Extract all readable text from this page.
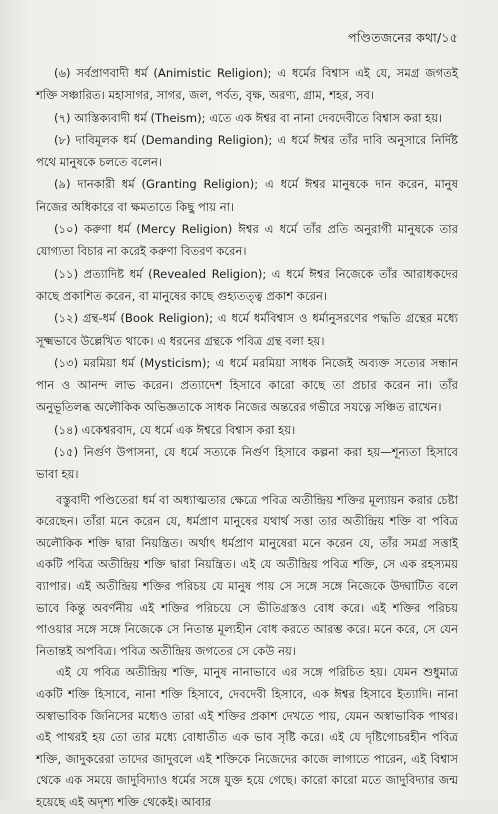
পণ্ডিতজনের কথা/১৫

(৬) সর্বপ্রাণবাদী ধর্ম (Animistic Religion); এ ধর্মের বিশ্বাস এই যে, সমগ্র জগতই শক্তি সঞ্চারিত। মহাসাগর, সাগর, জল, পর্বত, বৃক্ষ, অরণ্য, গ্রাম, শহর, সব।

(৭) আস্তিক্যবাদী ধর্ম (Theism); এতে এক ঈশ্বর বা নানা দেবদেবীতে বিশ্বাস করা হয়।

(৮) দাবিমূলক ধর্ম (Demanding Religion); এ ধর্মে ঈশ্বর তাঁর দাবি অনুসারে নির্দিষ্ট পথে মানুষকে চলতে বলেন।

(৯) দানকারী ধর্ম (Granting Religion); এ ধর্মে ঈশ্বর মানুষকে দান করেন, মানুষ নিজের অধিকারে বা ক্ষমতাতে কিছু পায় না।

(১০) করুণা ধর্ম (Mercy Religion) ঈশ্বর এ ধর্মে তাঁর প্রতি অনুরাগী মানুষকে তার যোগ্যতা বিচার না করেই করুণা বিতরণ করেন।

(১১) প্রত্যাদিষ্ট ধর্ম (Revealed Religion); এ ধর্মে ঈশ্বর নিজেকে তাঁর আরাধকদের কাছে প্রকাশিত করেন, বা মানুষের কাছে গুহ্যতত্ত্ব প্রকাশ করেন।

(১২) গ্রন্থ-ধর্ম (Book Religion); এ ধর্মে ধর্মবিশ্বাস ও ধর্মানুসরণের পদ্ধতি গ্রন্থের মধ্যে সূক্ষ্মভাবে উল্লেখিত থাকে। এ ধরনের গ্রন্থকে পবিত্র গ্রন্থ বলা হয়।

(১৩) মরমিয়া ধর্ম (Mysticism); এ ধর্মে মরমিয়া সাধক নিজেই অব্যক্ত সত্যের সন্ধান পান ও আনন্দ লাভ করেন। প্রত্যাদেশ হিসাবে কারো কাছে তা প্রচার করেন না। তাঁর অনুভূতিলব্ধ অলৌকিক অভিজ্ঞতাকে সাধক নিজের অন্তরের গভীরে সযত্নে সঞ্চিত রাখেন।

(১৪) একেশ্বরবাদ, যে ধর্মে এক ঈশ্বরে বিশ্বাস করা হয়।

(১৫) নির্গুণ উপাসনা, যে ধর্মে সত্যকে নির্গুণ হিসাবে কল্পনা করা হয়—শূন্যতা হিসাবে ভাবা হয়।

বস্তুবাদী পণ্ডিতেরা ধর্ম বা অধ্যাত্মতার ক্ষেত্রে পবিত্র অতীন্দ্রিয় শক্তির মূল্যায়ন করার চেষ্টা করেছেন। তাঁরা মনে করেন যে, ধর্মপ্রাণ মানুষের যথার্থ সত্তা তার অতীন্দ্রিয় শক্তি বা পবিত্র অলৌকিক শক্তি দ্বারা নিয়ন্ত্রিত। অর্থাৎ ধর্মপ্রাণ মানুষেরা মনে করেন যে, তাঁর সমগ্র সত্তাই একটি পবিত্র অতীন্দ্রিয় শক্তি দ্বারা নিয়ন্ত্রিত। এই যে অতীন্দ্রিয় পবিত্র শক্তি, সে এক রহস্যময় ব্যাপার। এই অতীন্দ্রিয় শক্তির পরিচয় যে মানুষ পায় সে সঙ্গে সঙ্গে নিজেকে উদ্ঘাটিত বলে ভাবে কিন্তু অবর্ণনীয় এই শক্তির পরিচয়ে সে ভীতিগ্রস্তও বোধ করে। এই শক্তির পরিচয় পাওয়ার সঙ্গে সঙ্গে নিজেকে সে নিতান্ত মূল্যহীন বোধ করতে আরম্ভ করে। মনে করে, সে যেন নিতান্তই অপবিত্র। পবিত্র অতীন্দ্রিয় জগতের সে কেউ নয়।

এই যে পবিত্র অতীন্দ্রিয় শক্তি, মানুষ নানাভাবে এর সঙ্গে পরিচিত হয়। যেমন শুধুমাত্র একটি শক্তি হিসাবে, নানা শক্তি হিসাবে, দেবদেবী হিসাবে, এক ঈশ্বর হিসাবে ইত্যাদি। নানা অস্বাভাবিক জিনিসের মধ্যেও তারা এই শক্তির প্রকাশ দেখতে পায়, যেমন অস্বাভাবিক পাথর। এই পাথরই হয় তো তার মধ্যে বোধাতীত এক ভাব সৃষ্টি করে। এই যে দৃষ্টিগোচরহীন পবিত্র শক্তি, জাদুকরেরা তাদের জাদুবলে এই শক্তিকে নিজেদের কাজে লাগাতে পারেন, এই বিশ্বাস থেকে এক সময়ে জাদুবিদ্যাও ধর্মের সঙ্গে যুক্ত হয়ে গেছে। কারো কারো মতে জাদুবিদ্যার জন্ম হয়েছে এই অদৃশ্য শক্তি থেকেই। আবার
